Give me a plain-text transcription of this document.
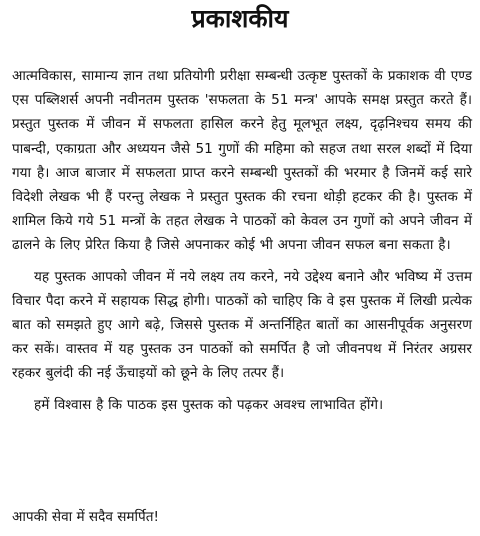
प्रकाशकीय

आत्मविकास, सामान्य ज्ञान तथा प्रतियोगी प्ररीक्षा सम्बन्धी उत्कृष्ट पुस्तकों के प्रकाशक वी एण्ड एस पब्लिशर्स अपनी नवीनतम पुस्तक 'सफलता के 51 मन्त्र' आपके समक्ष प्रस्तुत करते हैं। प्रस्तुत पुस्तक में जीवन में सफलता हासिल करने हेतु मूलभूत लक्ष्य, दृढ़निश्चय समय की पाबन्दी, एकाग्रता और अध्ययन जैसे 51 गुणों की महिमा को सहज तथा सरल शब्दों में दिया गया है। आज बाजार में सफलता प्राप्त करने सम्बन्धी पुस्तकों की भरमार है जिनमें कई सारे विदेशी लेखक भी हैं परन्तु लेखक ने प्रस्तुत पुस्तक की रचना थोड़ी हटकर की है। पुस्तक में शामिल किये गये 51 मन्त्रों के तहत लेखक ने पाठकों को केवल उन गुणों को अपने जीवन में ढालने के लिए प्रेरित किया है जिसे अपनाकर कोई भी अपना जीवन सफल बना सकता है।

यह पुस्तक आपको जीवन में नये लक्ष्य तय करने, नये उद्देश्य बनाने और भविष्य में उत्तम विचार पैदा करने में सहायक सिद्ध होगी। पाठकों को चाहिए कि वे इस पुस्तक में लिखी प्रत्येक बात को समझते हुए आगे बढ़े, जिससे पुस्तक में अन्तर्निहित बातों का आसनीपूर्वक अनुसरण कर सकें। वास्तव में यह पुस्तक उन पाठकों को समर्पित है जो जीवनपथ में निरंतर अग्रसर रहकर बुलंदी की नई ऊँचाइयों को छूने के लिए तत्पर हैं।

हमें विश्वास है कि पाठक इस पुस्तक को पढ़कर अवश्च लाभावित होंगे।

आपकी सेवा में सदैव समर्पित!
